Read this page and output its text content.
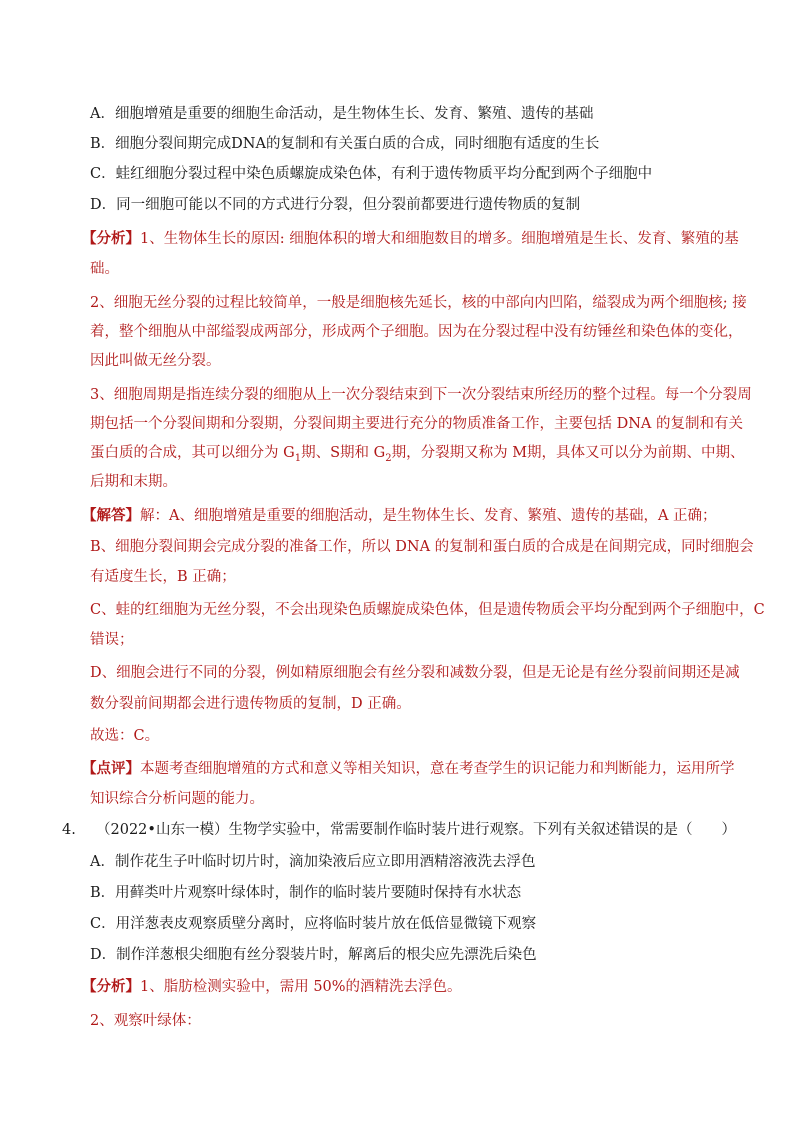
A．细胞增殖是重要的细胞生命活动，是生物体生长、发育、繁殖、遗传的基础
B．细胞分裂间期完成DNA的复制和有关蛋白质的合成，同时细胞有适度的生长
C．蛙红细胞分裂过程中染色质螺旋成染色体，有利于遗传物质平均分配到两个子细胞中
D．同一细胞可能以不同的方式进行分裂，但分裂前都要进行遗传物质的复制
【分析】1、生物体生长的原因: 细胞体积的增大和细胞数目的增多。细胞增殖是生长、发育、繁殖的基
础。
2、细胞无丝分裂的过程比较简单，一般是细胞核先延长，核的中部向内凹陷，缢裂成为两个细胞核; 接
着，整个细胞从中部缢裂成两部分，形成两个子细胞。因为在分裂过程中没有纺锤丝和染色体的变化，
因此叫做无丝分裂。
3、细胞周期是指连续分裂的细胞从上一次分裂结束到下一次分裂结束所经历的整个过程。每一个分裂周
期包括一个分裂间期和分裂期，分裂间期主要进行充分的物质准备工作，主要包括 DNA 的复制和有关
蛋白质的合成，其可以细分为 $G_1$期、S期和 $G_2$期，分裂期又称为 M期，具体又可以分为前期、中期、
后期和末期。
【解答】解：A、细胞增殖是重要的细胞活动，是生物体生长、发育、繁殖、遗传的基础，A 正确；
B、细胞分裂间期会完成分裂的准备工作，所以 DNA 的复制和蛋白质的合成是在间期完成，同时细胞会
有适度生长，B 正确；
C、蛙的红细胞为无丝分裂，不会出现染色质螺旋成染色体，但是遗传物质会平均分配到两个子细胞中，C
错误；
D、细胞会进行不同的分裂，例如精原细胞会有丝分裂和减数分裂，但是无论是有丝分裂前间期还是减
数分裂前间期都会进行遗传物质的复制，D 正确。
故选：C。
【点评】本题考查细胞增殖的方式和意义等相关知识，意在考查学生的识记能力和判断能力，运用所学
知识综合分析问题的能力。
4. （2022•山东一模）生物学实验中，常需要制作临时装片进行观察。下列有关叙述错误的是（　　）
A．制作花生子叶临时切片时，滴加染液后应立即用酒精溶液洗去浮色
B．用藓类叶片观察叶绿体时，制作的临时装片要随时保持有水状态
C．用洋葱表皮观察质壁分离时，应将临时装片放在低倍显微镜下观察
D．制作洋葱根尖细胞有丝分裂装片时，解离后的根尖应先漂洗后染色
【分析】1、脂肪检测实验中，需用 50%的酒精洗去浮色。
2、观察叶绿体：
